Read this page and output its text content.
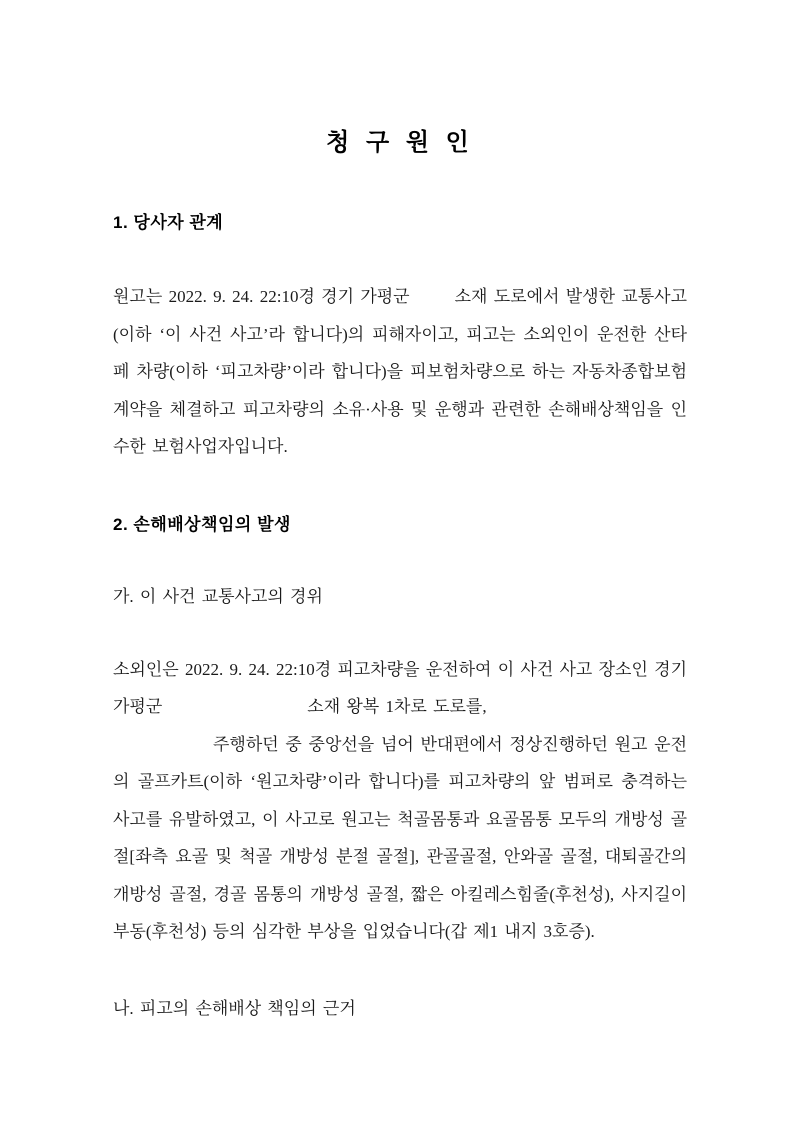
청 구 원 인
1. 당사자 관계

원고는 2022. 9. 24. 22:10경 경기 가평군	소재 도로에서 발생한 교통사고(이하 ‘이 사건 사고’라 합니다)의 피해자이고, 피고는 소외인이 운전한 산타페 차량(이하 ‘피고차량’이라 합니다)을 피보험차량으로 하는 자동차종합보험계약을 체결하고 피고차량의 소유·사용 및 운행과 관련한 손해배상책임을 인수한 보험사업자입니다.

2. 손해배상책임의 발생

가. 이 사건 교통사고의 경위

소외인은 2022. 9. 24. 22:10경 피고차량을 운전하여 이 사건 사고 장소인 경기 가평군	소재 왕복 1차로 도로를,
주행하던 중 중앙선을 넘어 반대편에서 정상진행하던 원고 운전의 골프카트(이하 ‘원고차량’이라 합니다)를 피고차량의 앞 범퍼로 충격하는 사고를 유발하였고, 이 사고로 원고는 척골몸통과 요골몸통 모두의 개방성 골절[좌측 요골 및 척골 개방성 분절 골절], 관골골절, 안와골 골절, 대퇴골간의 개방성 골절, 경골 몸통의 개방성 골절, 짧은 아킬레스힘줄(후천성), 사지길이부동(후천성) 등의 심각한 부상을 입었습니다(갑 제1 내지 3호증).

나. 피고의 손해배상 책임의 근거
